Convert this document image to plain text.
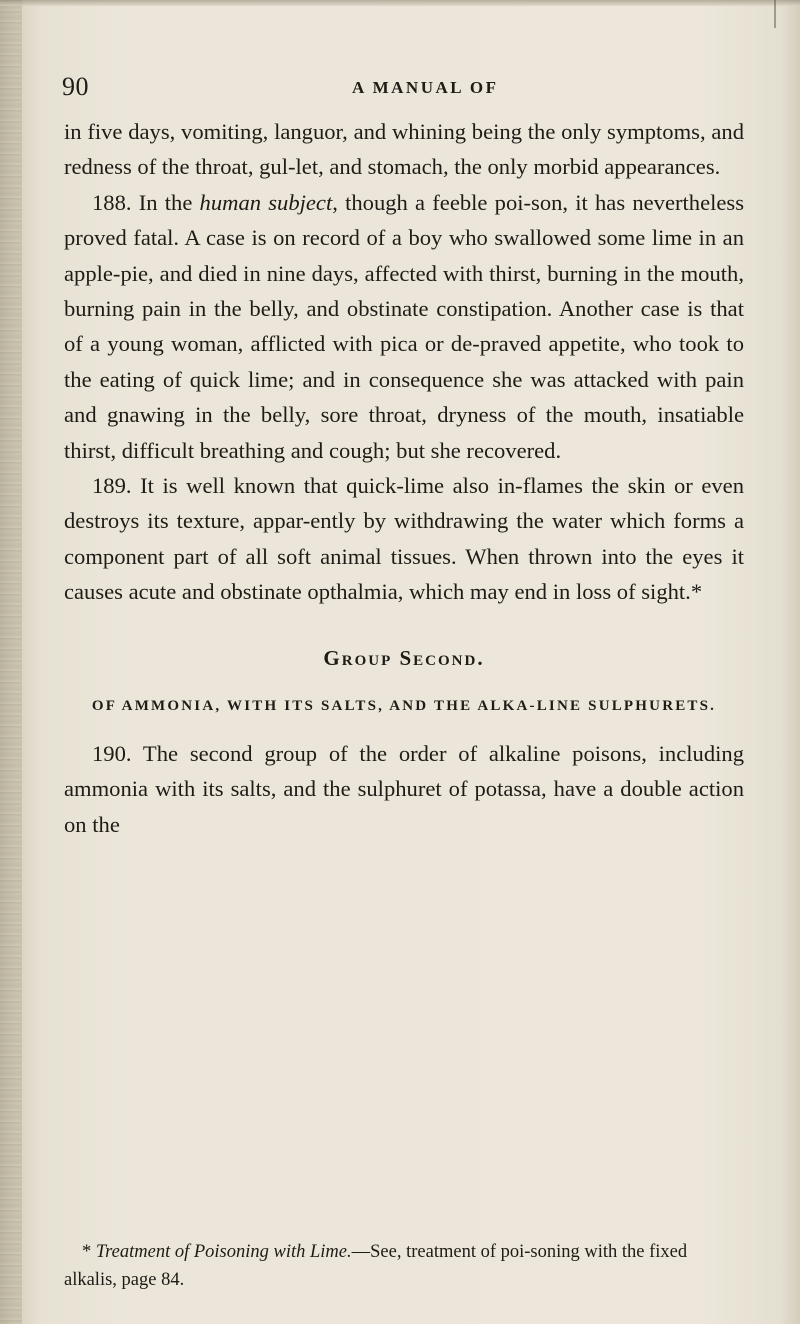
90	A MANUAL OF

in five days, vomiting, languor, and whining being the only symptoms, and redness of the throat, gul-let, and stomach, the only morbid appearances.

188. In the human subject, though a feeble poi-son, it has nevertheless proved fatal. A case is on record of a boy who swallowed some lime in an apple-pie, and died in nine days, affected with thirst, burning in the mouth, burning pain in the belly, and obstinate constipation. Another case is that of a young woman, afflicted with pica or de-praved appetite, who took to the eating of quick lime; and in consequence she was attacked with pain and gnawing in the belly, sore throat, dryness of the mouth, insatiable thirst, difficult breathing and cough; but she recovered.

189. It is well known that quick-lime also in-flames the skin or even destroys its texture, appar-ently by withdrawing the water which forms a component part of all soft animal tissues. When thrown into the eyes it causes acute and obstinate opthalmia, which may end in loss of sight.*

Group Second.

OF AMMONIA, WITH ITS SALTS, AND THE ALKA-LINE SULPHURETS.

190. The second group of the order of alkaline poisons, including ammonia with its salts, and the sulphuret of potassa, have a double action on the

* Treatment of Poisoning with Lime.—See, treatment of poi-soning with the fixed alkalis, page 84.
